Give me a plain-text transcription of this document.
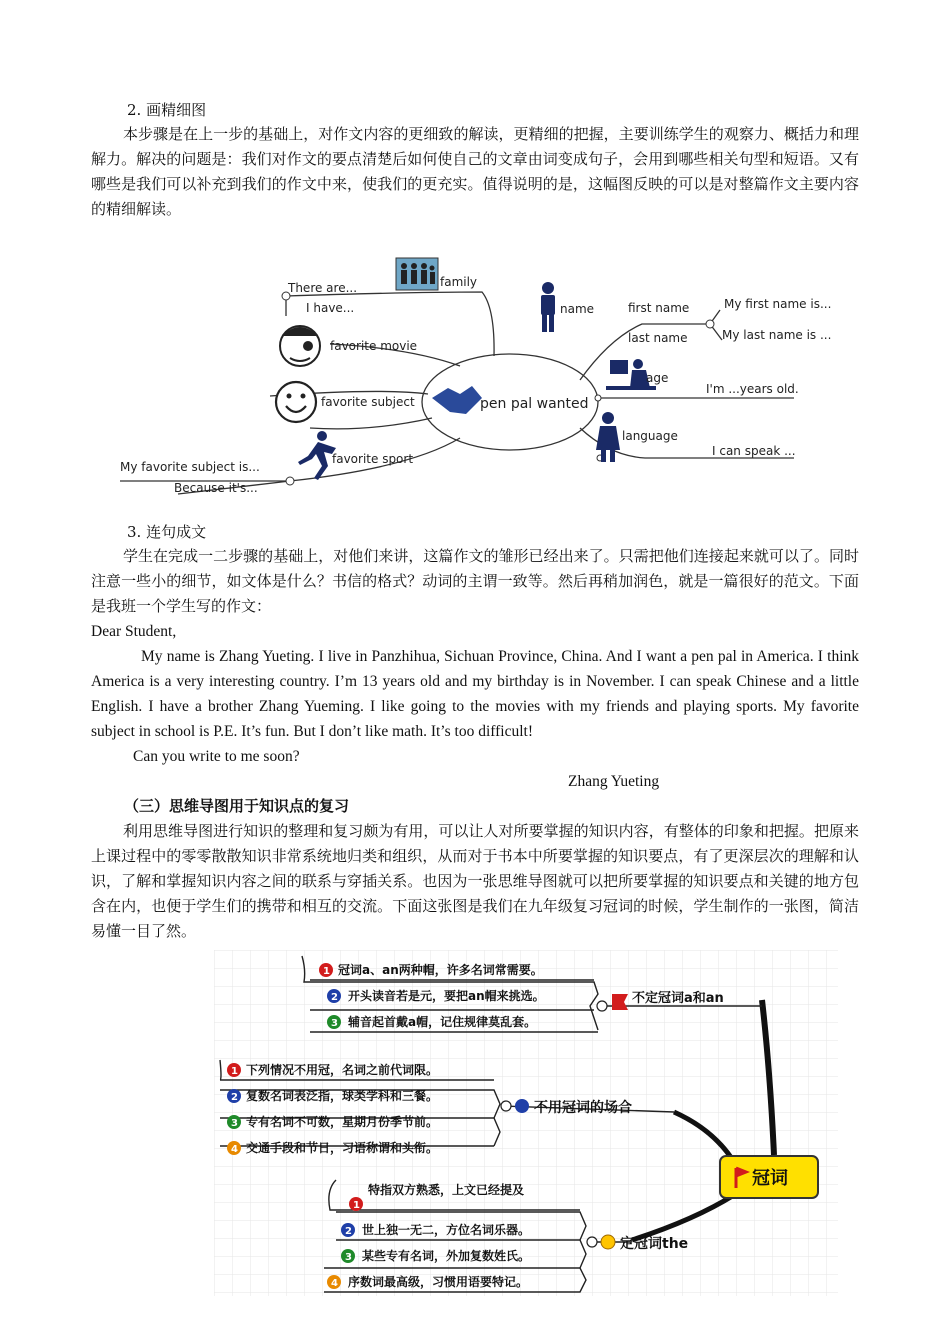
2. 画精细图
本步骤是在上一步的基础上，对作文内容的更细致的解读，更精细的把握，主要训练学生的观察力、概括力和理解力。解决的问题是：我们对作文的要点清楚后如何使自己的文章由词变成句子，会用到哪些相关句型和短语。又有哪些是我们可以补充到我们的作文中来，使我们的更充实。值得说明的是，这幅图反映的可以是对整篇作文主要内容的精细解读。
pen pal wanted
family
There are...
I have...
favorite movie
favorite subject
favorite sport
My favorite subject is...
Because it's...
name	first name
last name
My first name is...
My last name is ...
age
I'm ...years old.
language
I can speak ...
3. 连句成文
学生在完成一二步骤的基础上，对他们来讲，这篇作文的雏形已经出来了。只需把他们连接起来就可以了。同时注意一些小的细节，如文体是什么？书信的格式？动词的主谓一致等。然后再稍加润色，就是一篇很好的范文。下面是我班一个学生写的作文：
Dear Student,
My name is Zhang Yueting. I live in Panzhihua, Sichuan Province, China. And I want a pen pal in America. I think America is a very interesting country. I’m 13 years old and my birthday is in November. I can speak Chinese and a little English. I have a brother Zhang Yueming. I like going to the movies with my friends and playing sports. My favorite subject in school is P.E. It’s fun. But I don’t like math. It’s too difficult!
Can you write to me soon?
Zhang Yueting
（三）思维导图用于知识点的复习
利用思维导图进行知识的整理和复习颇为有用，可以让人对所要掌握的知识内容，有整体的印象和把握。把原来上课过程中的零零散散知识非常系统地归类和组织，从而对于书本中所要掌握的知识要点，有了更深层次的理解和认识，了解和掌握知识内容之间的联系与穿插关系。也因为一张思维导图就可以把所要掌握的知识要点和关键的地方包含在内，也便于学生们的携带和相互的交流。下面这张图是我们在九年级复习冠词的时候，学生制作的一张图，简洁易懂一目了然。
冠词
不定冠词a和an
1 冠词a、an两种帽，许多名词常需要。
2 开头读音若是元，要把an帽来挑选。
3 辅音起首戴a帽，记住规律莫乱套。
不用冠词的场合
1 下列情况不用冠，名词之前代词限。
2 复数名词表泛指，球类学科和三餐。
3 专有名词不可数，星期月份季节前。
4 交通手段和节日，习语称谓和头衔。
定冠词the
特指双方熟悉，上文已经提及
1
2 世上独一无二，方位名词乐器。
3 某些专有名词，外加复数姓氏。
4 序数词最高级，习惯用语要特记。
